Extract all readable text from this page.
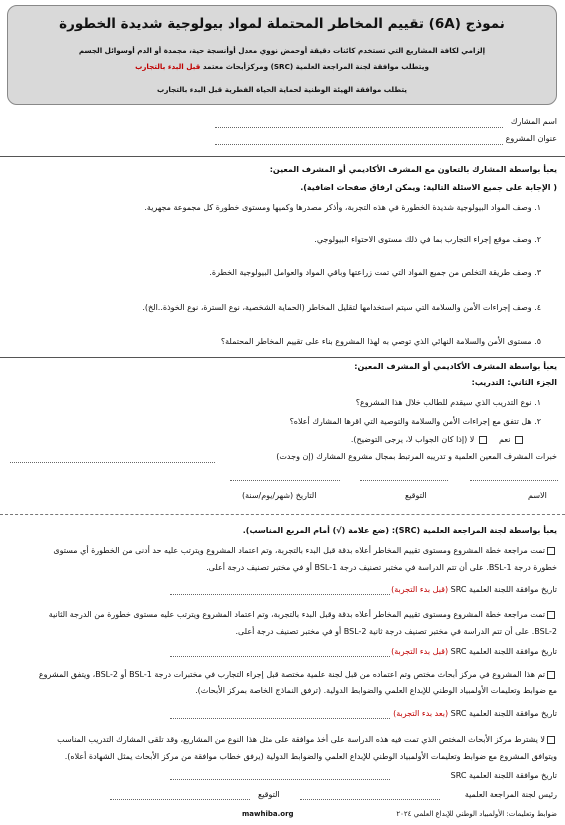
نموذج (6A) تقييم المخاطر المحتملة لمواد بيولوجية شديدة الخطورة
إلزامي لكافة المشاريع التي تستخدم كائنات دقيقة أوحمض نووي معدل أوأنسجة حية، مجمدة أو الدم أوسوائل الجسم
ويتطلب موافقة لجنة المراجعة العلمية (SRC) ومركزأبحاث معتمد قبل البدء بالتجارب
يتطلب موافقة الهيئة الوطنية لحماية الحياة الفطرية قبل البدء بالتجارب
اسم المشارك
عنوان المشروع
يعبأ بواسطة المشارك بالتعاون مع المشرف الأكاديمي أو المشرف المعين:
( الإجابة على جميع الاسئلة التالية: ويمكن ارفاق صفحات اضافية).
١. وصف المواد البيولوجية شديدة الخطورة في هذه التجربة، وأذكر مصدرها وكميها ومستوى خطورة كل مجموعة مجهرية.
٢. وصف موقع إجراء التجارب بما في ذلك مستوى الاحتواء البيولوجي.
٣. وصف طريقة التخلص من جميع المواد التي تمت زراعتها وباقي المواد والعوامل البيولوجية الخطرة.
٤. وصف إجراءات الأمن والسلامة التي سيتم استخدامها لتقليل المخاطر (الحماية الشخصية، نوع السترة، نوع الخوذة..الخ).
٥. مستوى الأمن والسلامة النهائي الذي توصي به لهذا المشروع بناء على تقييم المخاطر المحتملة؟
يعبأ بواسطة المشرف الأكاديمي أو المشرف المعين:
الجزء الثاني: التدريب:
١. نوع التدريب الذي سيقدم للطالب خلال هذا المشروع؟
٢. هل تتفق مع إجراءات الأمن والسلامة والتوصية التي اقرها المشارك أعلاه؟
نعم     لا (إذا كان الجواب لا، يرجى التوضيح).
خبرات المشرف المعين العلمية و تدريبه المرتبط بمجال مشروع المشارك (إن وجدت)
الاسم
التوقيع
التاريخ (شهر/يوم/سنة)
يعبأ بواسطة لجنة المراجعة العلمية (SRC): (ضع علامة (√) أمام المربع المناسب).
تمت مراجعة خطة المشروع ومستوى تقييم المخاطر أعلاه بدقة قبل البدء بالتجربة، وتم اعتماد المشروع ويترتب عليه حد أدنى من الخطورة أي مستوى
خطورة درجة BSL-1. على أن تتم الدراسة في مختبر تصنيف درجة BSL-1 أو في مختبر تصنيف درجة أعلى.
تاريخ موافقة اللجنة العلمية SRC (قبل بدء التجربة)
تمت مراجعة خطة المشروع ومستوى تقييم المخاطر أعلاه بدقة وقبل البدء بالتجربة، وتم اعتماد المشروع ويترتب عليه مستوى خطورة من الدرجة الثانية
BSL-2. على أن تتم الدراسة في مختبر تصنيف درجة ثانية BSL-2 أو في مختبر تصنيف درجة أعلى.
تاريخ موافقة اللجنة العلمية SRC (قبل بدء التجربة)
تم هذا المشروع في مركز أبحاث مختص وتم اعتماده من قبل لجنة علمية مختصة قبل إجراء التجارب في مختبرات درجة BSL-1 أو BSL-2، ويتفق المشروع
مع ضوابط وتعليمات الأولمبياد الوطني للإبداع العلمي والضوابط الدولية. (ترفق النماذج الخاصة بمركز الأبحاث).
تاريخ موافقة اللجنة العلمية SRC (بعد بدء التجربة)
لا يشترط مركز الأبحاث المختص الذي تمت فيه هذه الدراسة على أخذ موافقة على مثل هذا النوع من المشاريع، وقد تلقى المشارك التدريب المناسب
ويتوافق المشروع مع ضوابط وتعليمات الأولمبياد الوطني للإبداع العلمي والضوابط الدولية (يرفق خطاب موافقة من مركز الأبحاث يمثل الشهادة أعلاه).
تاريخ موافقة اللجنة العلمية SRC
رئيس لجنة المراجعة العلمية
التوقيع
mawhiba.org	ضوابط وتعليمات: الأولمبياد الوطني للإبداع العلمي ٢٠٢٤
